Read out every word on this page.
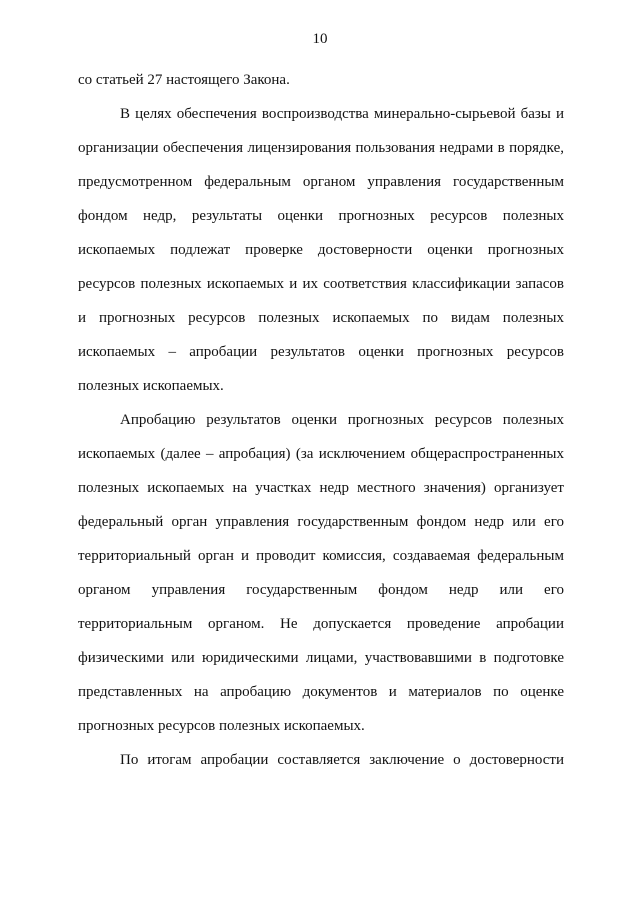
10

со статьей 27 настоящего Закона.

В целях обеспечения воспроизводства минерально-сырьевой базы и организации обеспечения лицензирования пользования недрами в порядке, предусмотренном федеральным органом управления государственным фондом недр, результаты оценки прогнозных ресурсов полезных ископаемых подлежат проверке достоверности оценки прогнозных ресурсов полезных ископаемых и их соответствия классификации запасов и прогнозных ресурсов полезных ископаемых по видам полезных ископаемых – апробации результатов оценки прогнозных ресурсов полезных ископаемых.

Апробацию результатов оценки прогнозных ресурсов полезных ископаемых (далее – апробация) (за исключением общераспространенных полезных ископаемых на участках недр местного значения) организует федеральный орган управления государственным фондом недр или его территориальный орган и проводит комиссия, создаваемая федеральным органом управления государственным фондом недр или его территориальным органом. Не допускается проведение апробации физическими или юридическими лицами, участвовавшими в подготовке представленных на апробацию документов и материалов по оценке прогнозных ресурсов полезных ископаемых.

По итогам апробации составляется заключение о достоверности
